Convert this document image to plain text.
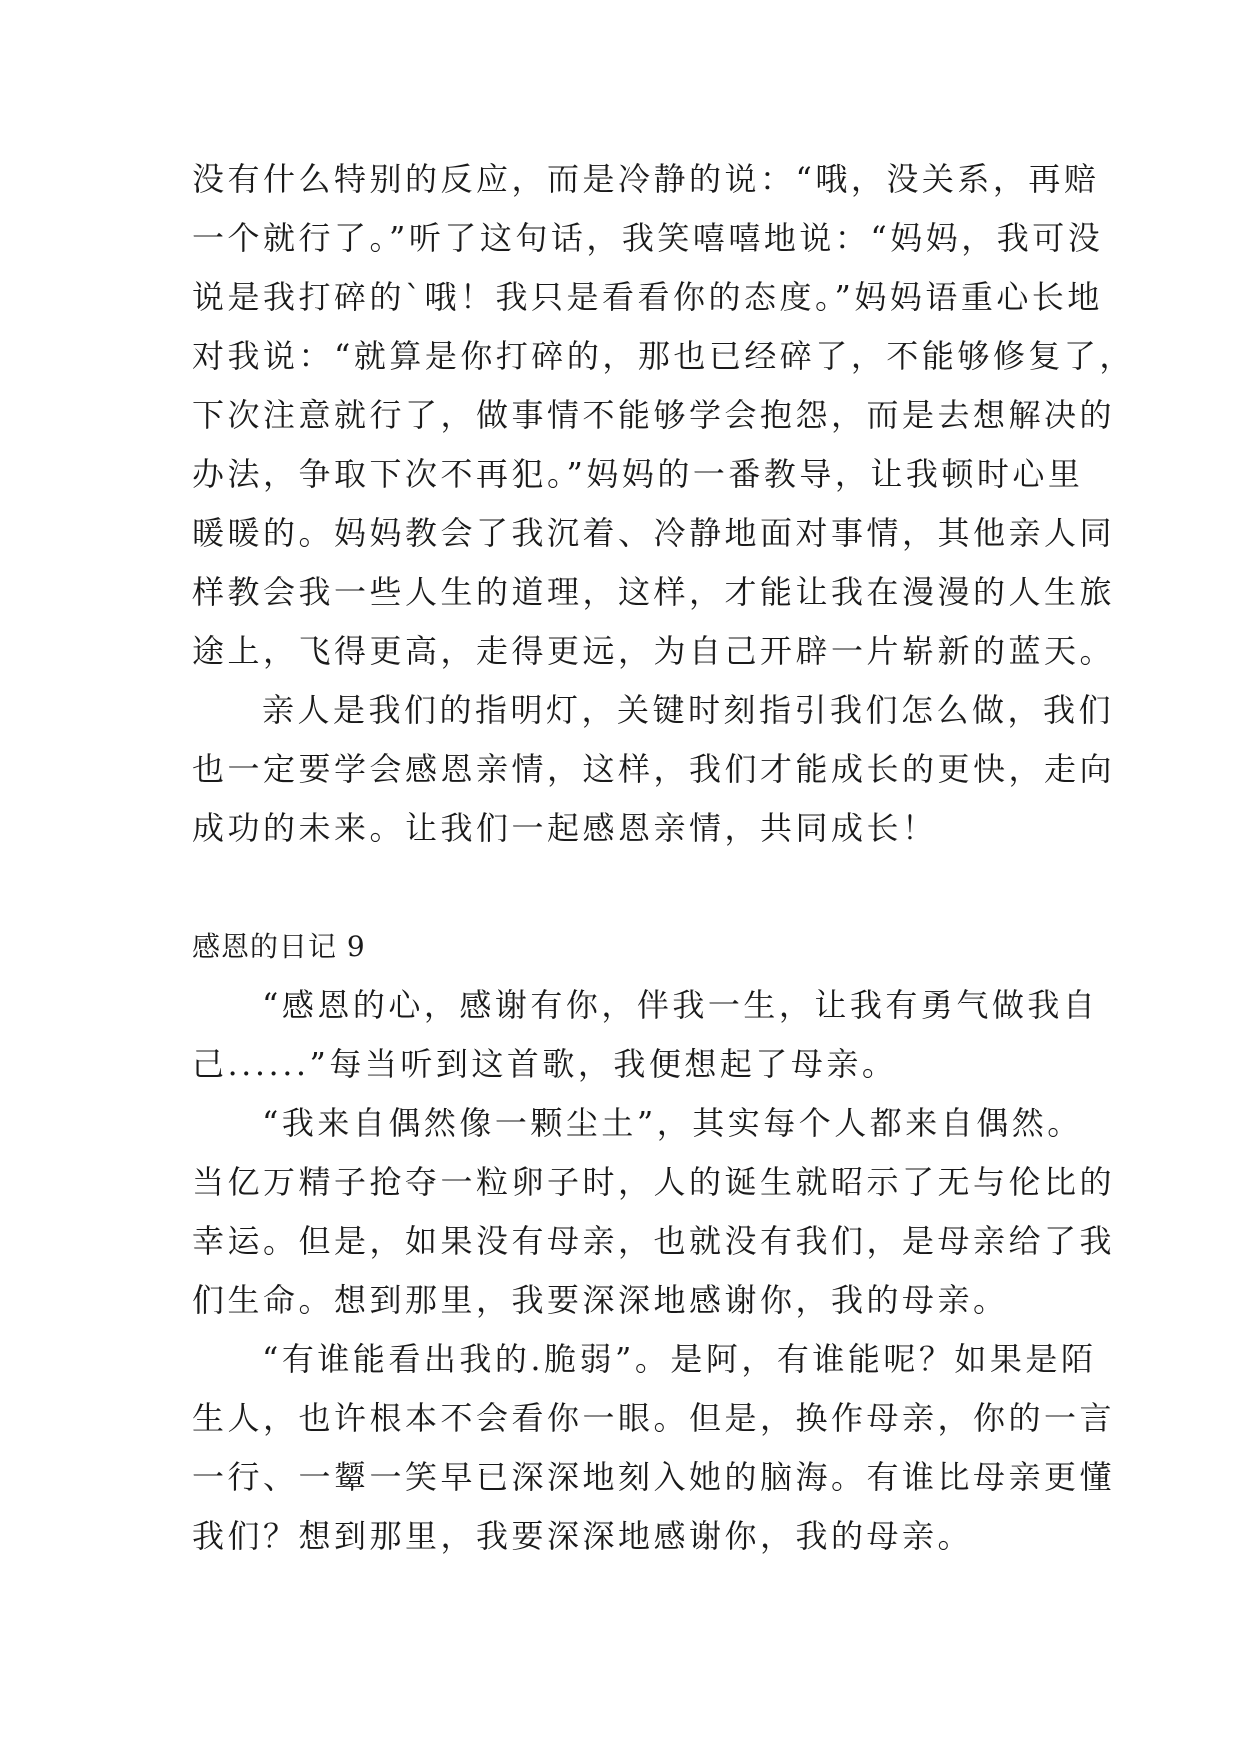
没有什么特别的反应，而是冷静的说：“哦，没关系，再赔
一个就行了。”听了这句话，我笑嘻嘻地说：“妈妈，我可没
说是我打碎的`哦！我只是看看你的态度。”妈妈语重心长地
对我说：“就算是你打碎的，那也已经碎了，不能够修复了，
下次注意就行了，做事情不能够学会抱怨，而是去想解决的
办法，争取下次不再犯。”妈妈的一番教导，让我顿时心里
暖暖的。妈妈教会了我沉着、冷静地面对事情，其他亲人同
样教会我一些人生的道理，这样，才能让我在漫漫的人生旅
途上，飞得更高，走得更远，为自己开辟一片崭新的蓝天。
亲人是我们的指明灯，关键时刻指引我们怎么做，我们
也一定要学会感恩亲情，这样，我们才能成长的更快，走向
成功的未来。让我们一起感恩亲情，共同成长！
感恩的日记 9
“感恩的心，感谢有你，伴我一生，让我有勇气做我自
己......”每当听到这首歌，我便想起了母亲。
“我来自偶然像一颗尘土”，其实每个人都来自偶然。
当亿万精子抢夺一粒卵子时，人的诞生就昭示了无与伦比的
幸运。但是，如果没有母亲，也就没有我们，是母亲给了我
们生命。想到那里，我要深深地感谢你，我的母亲。
“有谁能看出我的.脆弱”。是阿，有谁能呢？如果是陌
生人，也许根本不会看你一眼。但是，换作母亲，你的一言
一行、一颦一笑早已深深地刻入她的脑海。有谁比母亲更懂
我们？想到那里，我要深深地感谢你，我的母亲。
